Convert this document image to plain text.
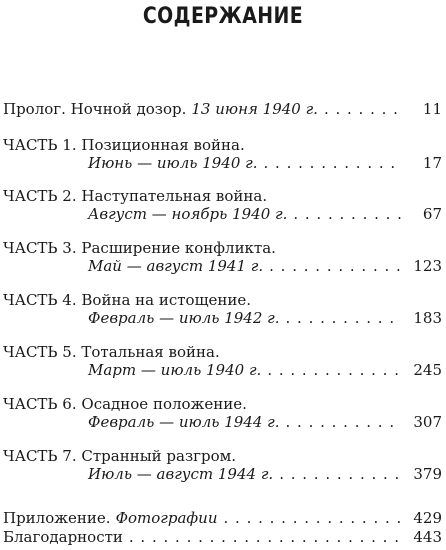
СОДЕРЖАНИЕ
Пролог. Ночной дозор. 13 июня 1940 г. . . .	11
ЧАСТЬ 1. Позиционная война.
Июнь — июль 1940 г. . . .	17
ЧАСТЬ 2. Наступательная война.
Август — ноябрь 1940 г. . . .	67
ЧАСТЬ 3. Расширение конфликта.
Май — август 1941 г. . . .	123
ЧАСТЬ 4. Война на истощение.
Февраль — июль 1942 г. . . .	183
ЧАСТЬ 5. Тотальная война.
Март — июль 1940 г. . . .	245
ЧАСТЬ 6. Осадное положение.
Февраль — июль 1944 г. . . .	307
ЧАСТЬ 7. Странный разгром.
Июль — август 1944 г. . . .	379
Приложение. Фотографии . . .	429
Благодарности . . .	443
